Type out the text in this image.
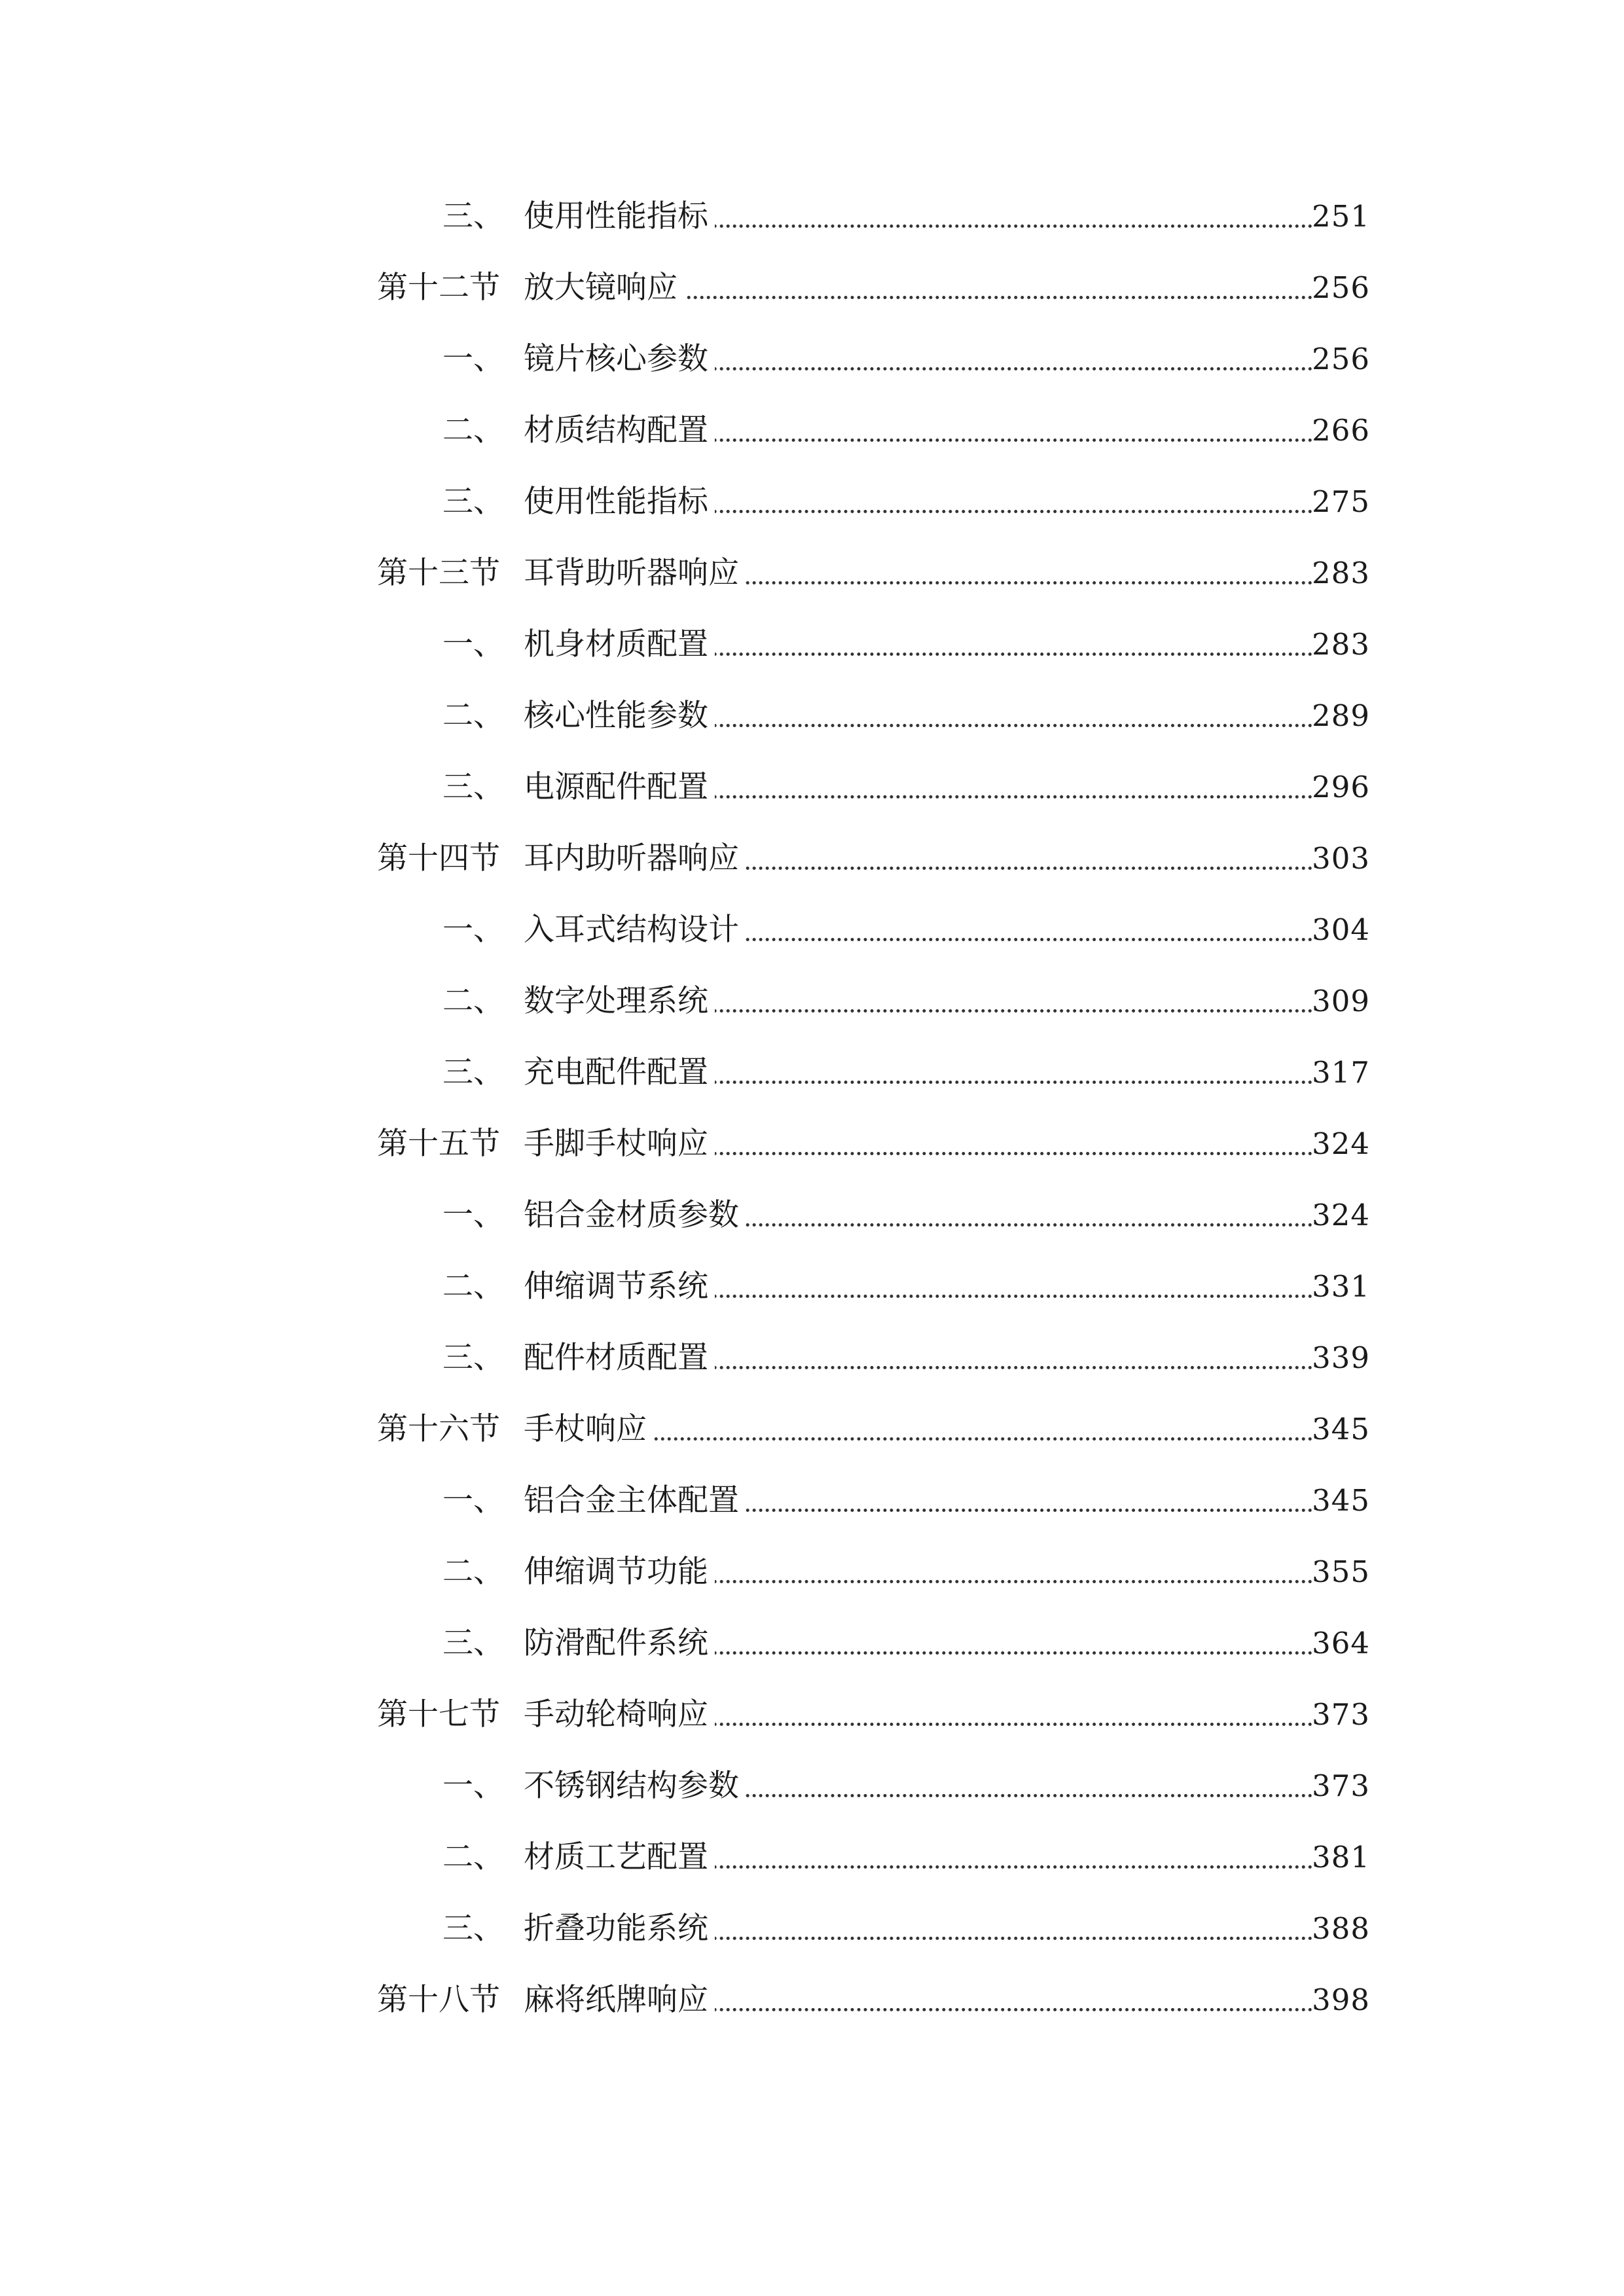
三、 使用性能指标	251
第十二节 放大镜响应	256
一、 镜片核心参数	256
二、 材质结构配置	266
三、 使用性能指标	275
第十三节 耳背助听器响应	283
一、 机身材质配置	283
二、 核心性能参数	289
三、 电源配件配置	296
第十四节 耳内助听器响应	303
一、 入耳式结构设计	304
二、 数字处理系统	309
三、 充电配件配置	317
第十五节 手脚手杖响应	324
一、 铝合金材质参数	324
二、 伸缩调节系统	331
三、 配件材质配置	339
第十六节 手杖响应	345
一、 铝合金主体配置	345
二、 伸缩调节功能	355
三、 防滑配件系统	364
第十七节 手动轮椅响应	373
一、 不锈钢结构参数	373
二、 材质工艺配置	381
三、 折叠功能系统	388
第十八节 麻将纸牌响应	398
